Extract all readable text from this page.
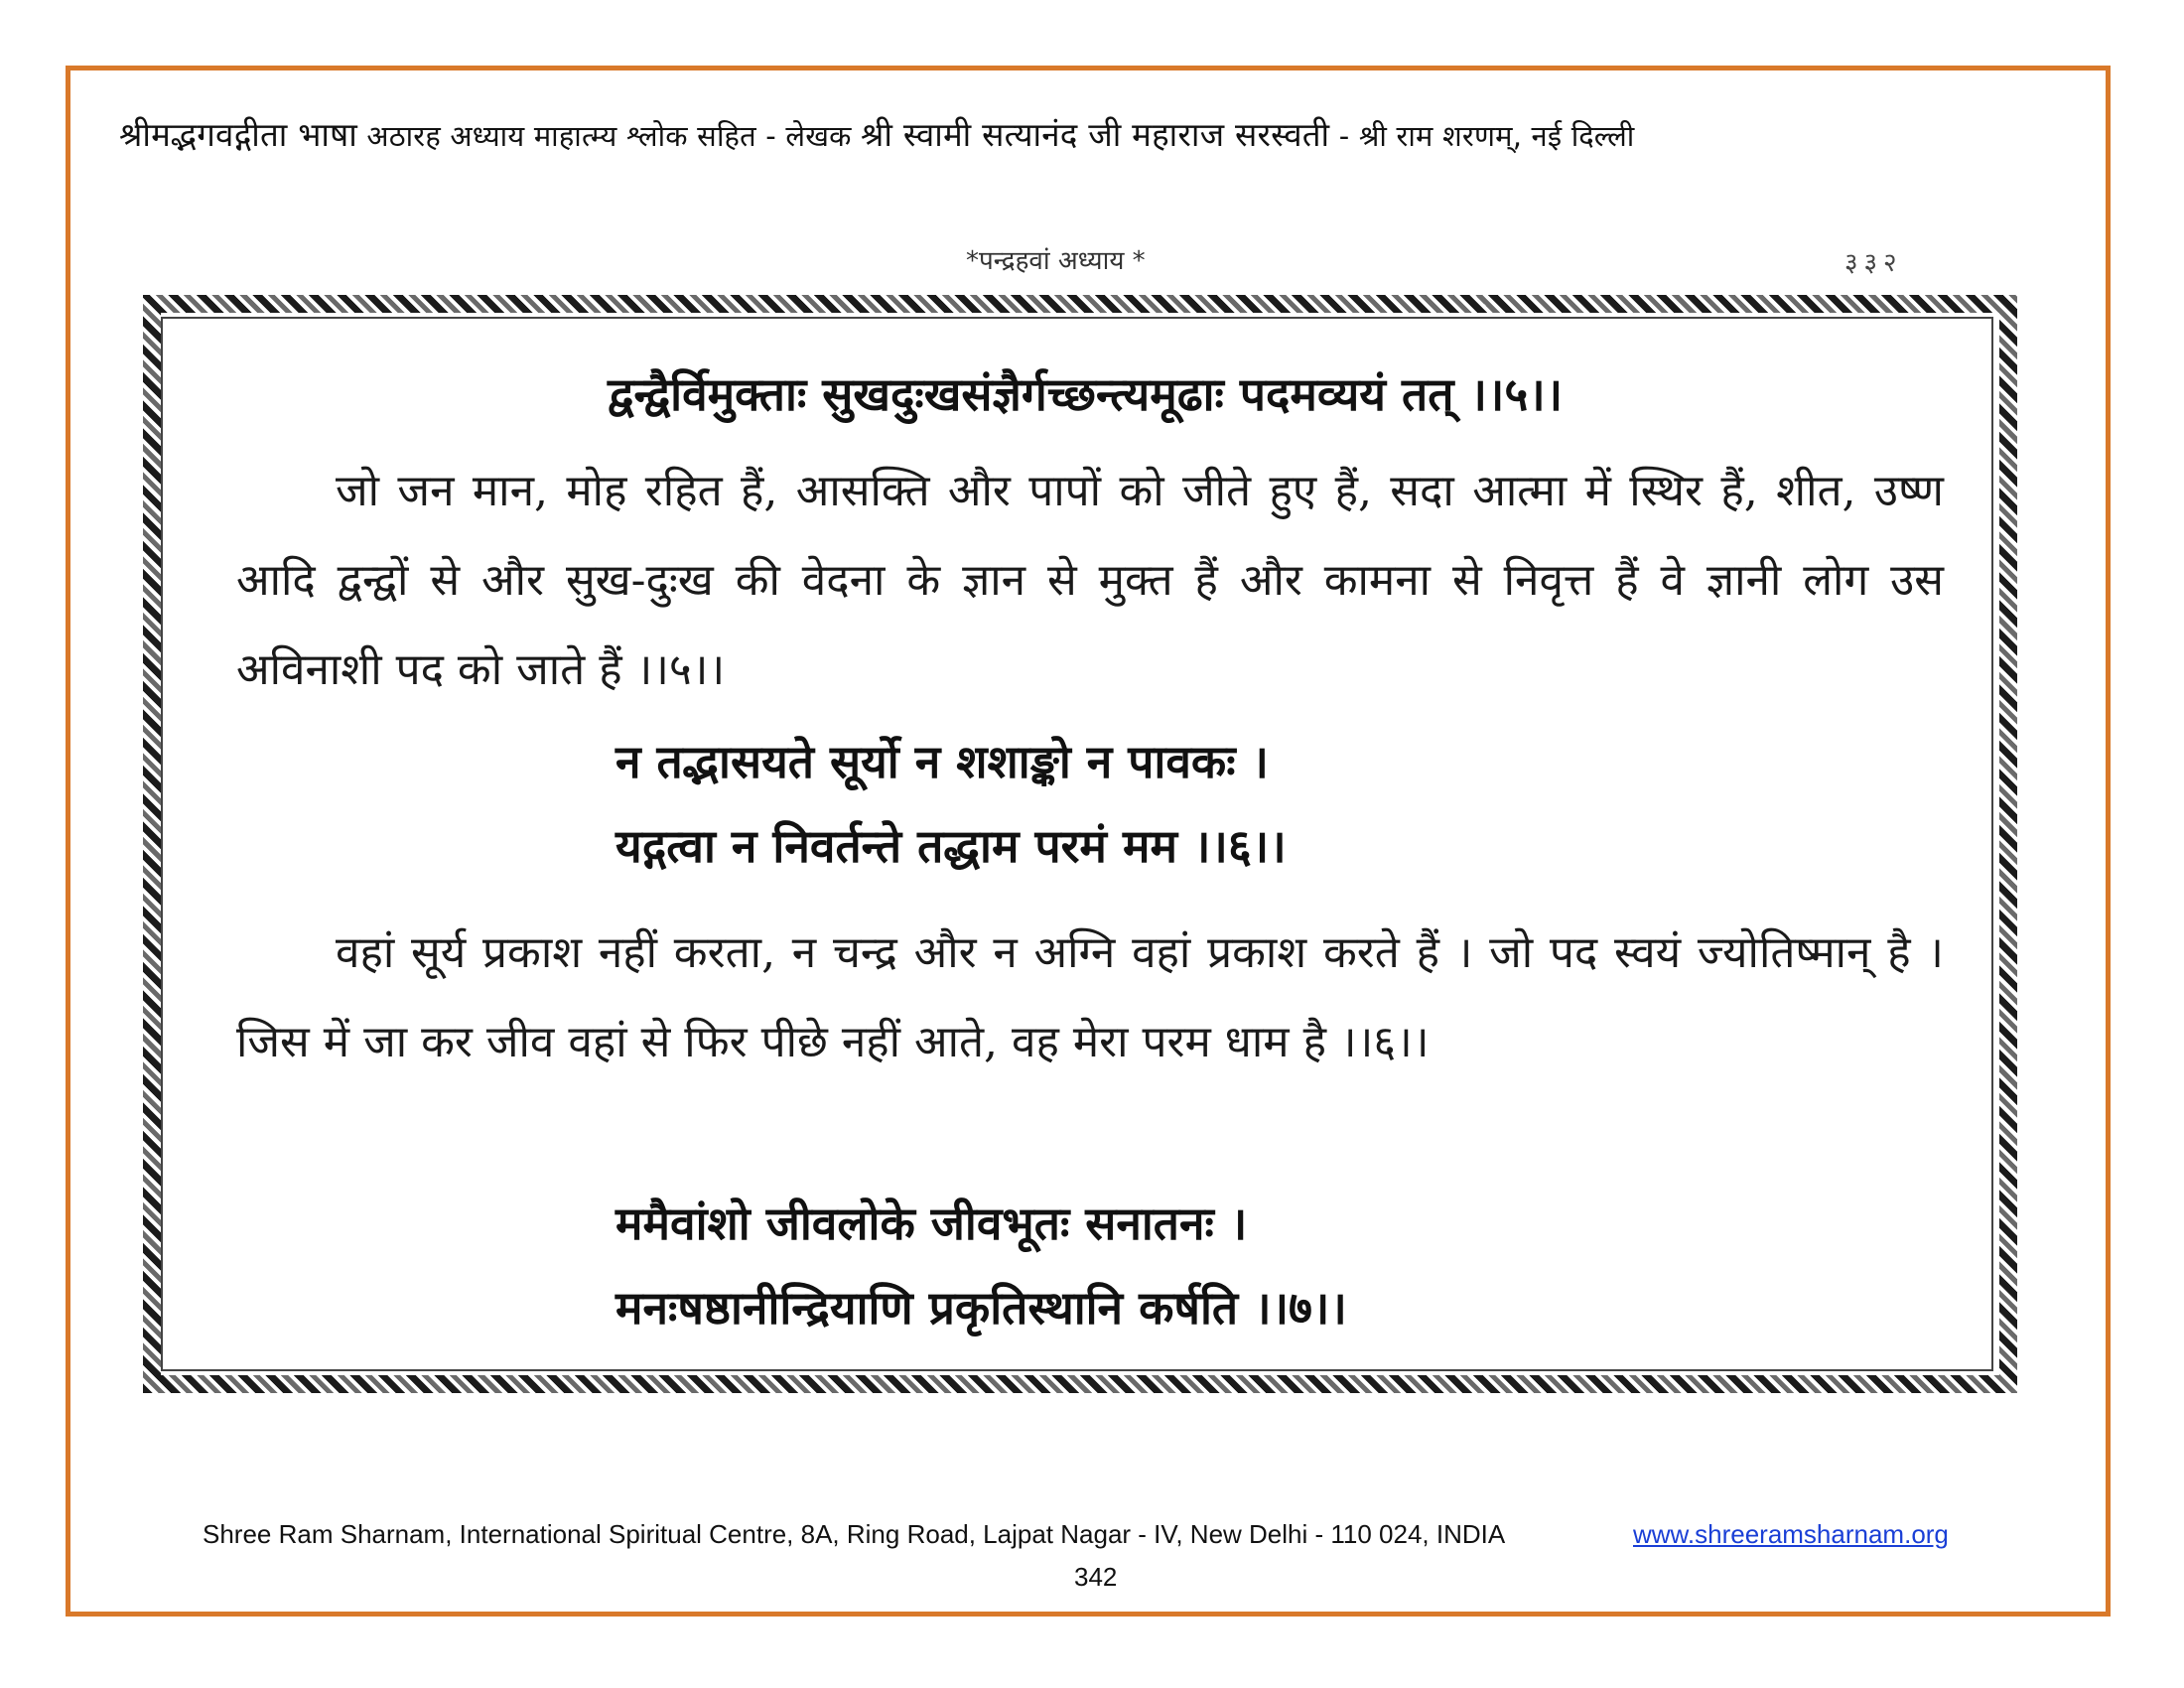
श्रीमद्भगवद्गीता भाषा अठारह अध्याय माहात्म्य श्लोक सहित - लेखक श्री स्वामी सत्यानंद जी महाराज सरस्वती - श्री राम शरणम्, नई दिल्ली
*पन्द्रहवां अध्याय *	३३२
द्वन्द्वैर्विमुक्ताः सुखदुःखसंज्ञैर्गच्छन्त्यमूढाः पदमव्ययं तत् ।।५।।
जो जन मान, मोह रहित हैं, आसक्ति और पापों को जीते हुए हैं, सदा आत्मा में स्थिर हैं, शीत, उष्ण आदि द्वन्द्वों से और सुख-दुःख की वेदना के ज्ञान से मुक्त हैं और कामना से निवृत्त हैं वे ज्ञानी लोग उस अविनाशी पद को जाते हैं ।।५।।
न तद्भासयते सूर्यो न शशाङ्को न पावकः ।
यद्गत्वा न निवर्तन्ते तद्धाम परमं मम ।।६।।
वहां सूर्य प्रकाश नहीं करता, न चन्द्र और न अग्नि वहां प्रकाश करते हैं । जो पद स्वयं ज्योतिष्मान् है । जिस में जा कर जीव वहां से फिर पीछे नहीं आते, वह मेरा परम धाम है ।।६।।
ममैवांशो जीवलोके जीवभूतः सनातनः ।
मनःषष्ठानीन्द्रियाणि प्रकृतिस्थानि कर्षति ।।७।।
Shree Ram Sharnam, International Spiritual Centre, 8A, Ring Road, Lajpat Nagar - IV, New Delhi - 110 024, INDIA	www.shreeramsharnam.org
342
